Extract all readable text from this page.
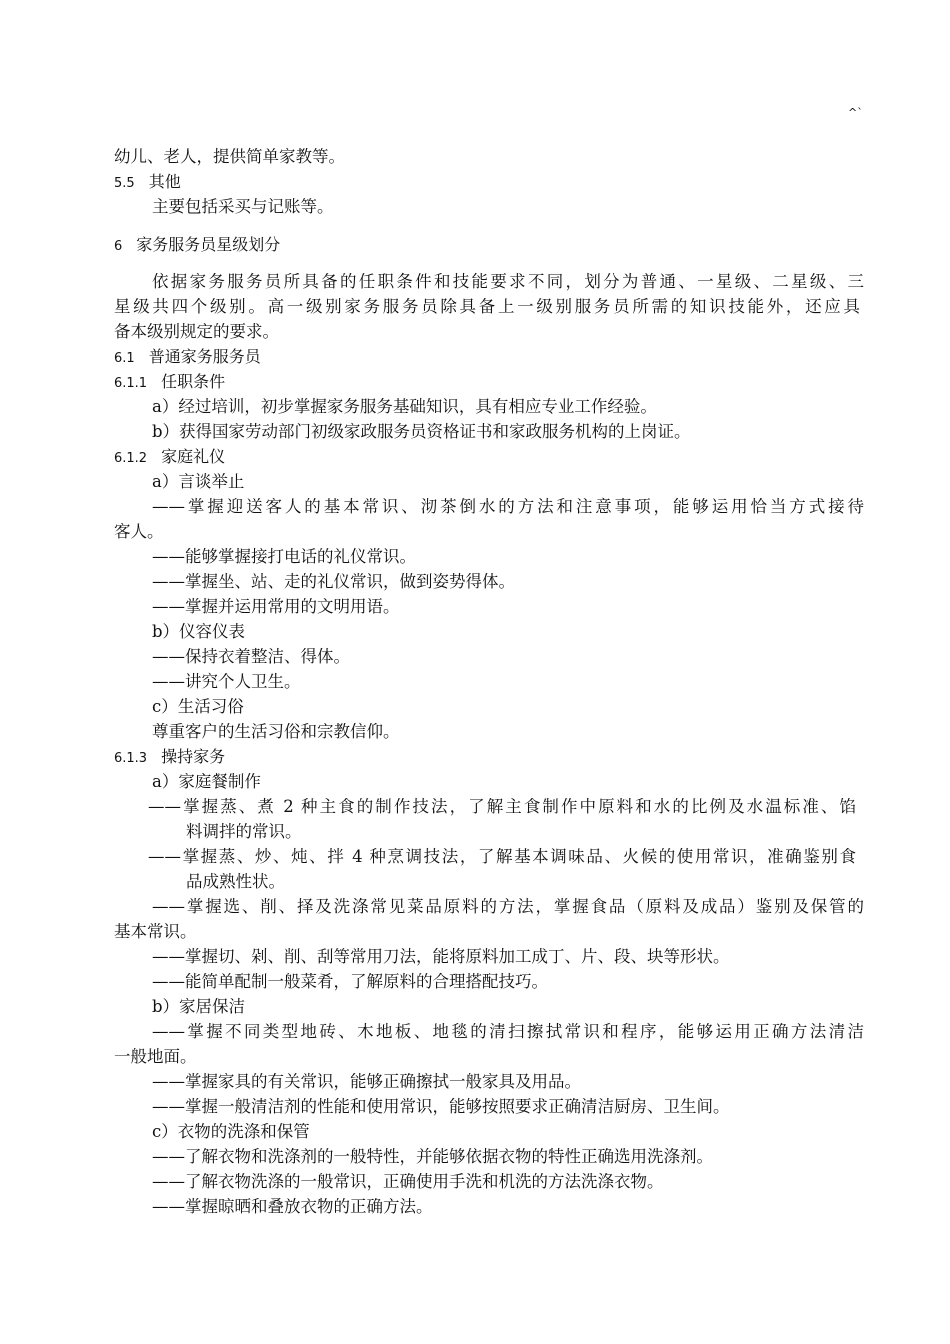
^`
幼儿、老人，提供简单家教等。
5.5 其他
主要包括采买与记账等。
6 家务服务员星级划分
依据家务服务员所具备的任职条件和技能要求不同，划分为普通、一星级、二星级、三
星级共四个级别。高一级别家务服务员除具备上一级别服务员所需的知识技能外，还应具
备本级别规定的要求。
6.1 普通家务服务员
6.1.1 任职条件
a）经过培训，初步掌握家务服务基础知识，具有相应专业工作经验。
b）获得国家劳动部门初级家政服务员资格证书和家政服务机构的上岗证。
6.1.2 家庭礼仪
a）言谈举止
——掌握迎送客人的基本常识、沏茶倒水的方法和注意事项，能够运用恰当方式接待
客人。
——能够掌握接打电话的礼仪常识。
——掌握坐、站、走的礼仪常识，做到姿势得体。
——掌握并运用常用的文明用语。
b）仪容仪表
——保持衣着整洁、得体。
——讲究个人卫生。
c）生活习俗
尊重客户的生活习俗和宗教信仰。
6.1.3 操持家务
a）家庭餐制作
——掌握蒸、煮 2 种主食的制作技法，了解主食制作中原料和水的比例及水温标准、馅
料调拌的常识。
——掌握蒸、炒、炖、拌 4 种烹调技法，了解基本调味品、火候的使用常识，准确鉴别食
品成熟性状。
——掌握选、削、择及洗涤常见菜品原料的方法，掌握食品（原料及成品）鉴别及保管的
基本常识。
——掌握切、剁、削、刮等常用刀法，能将原料加工成丁、片、段、块等形状。
——能简单配制一般菜肴，了解原料的合理搭配技巧。
b）家居保洁
——掌握不同类型地砖、木地板、地毯的清扫擦拭常识和程序，能够运用正确方法清洁
一般地面。
——掌握家具的有关常识，能够正确擦拭一般家具及用品。
——掌握一般清洁剂的性能和使用常识，能够按照要求正确清洁厨房、卫生间。
c）衣物的洗涤和保管
——了解衣物和洗涤剂的一般特性，并能够依据衣物的特性正确选用洗涤剂。
——了解衣物洗涤的一般常识，正确使用手洗和机洗的方法洗涤衣物。
——掌握晾晒和叠放衣物的正确方法。
